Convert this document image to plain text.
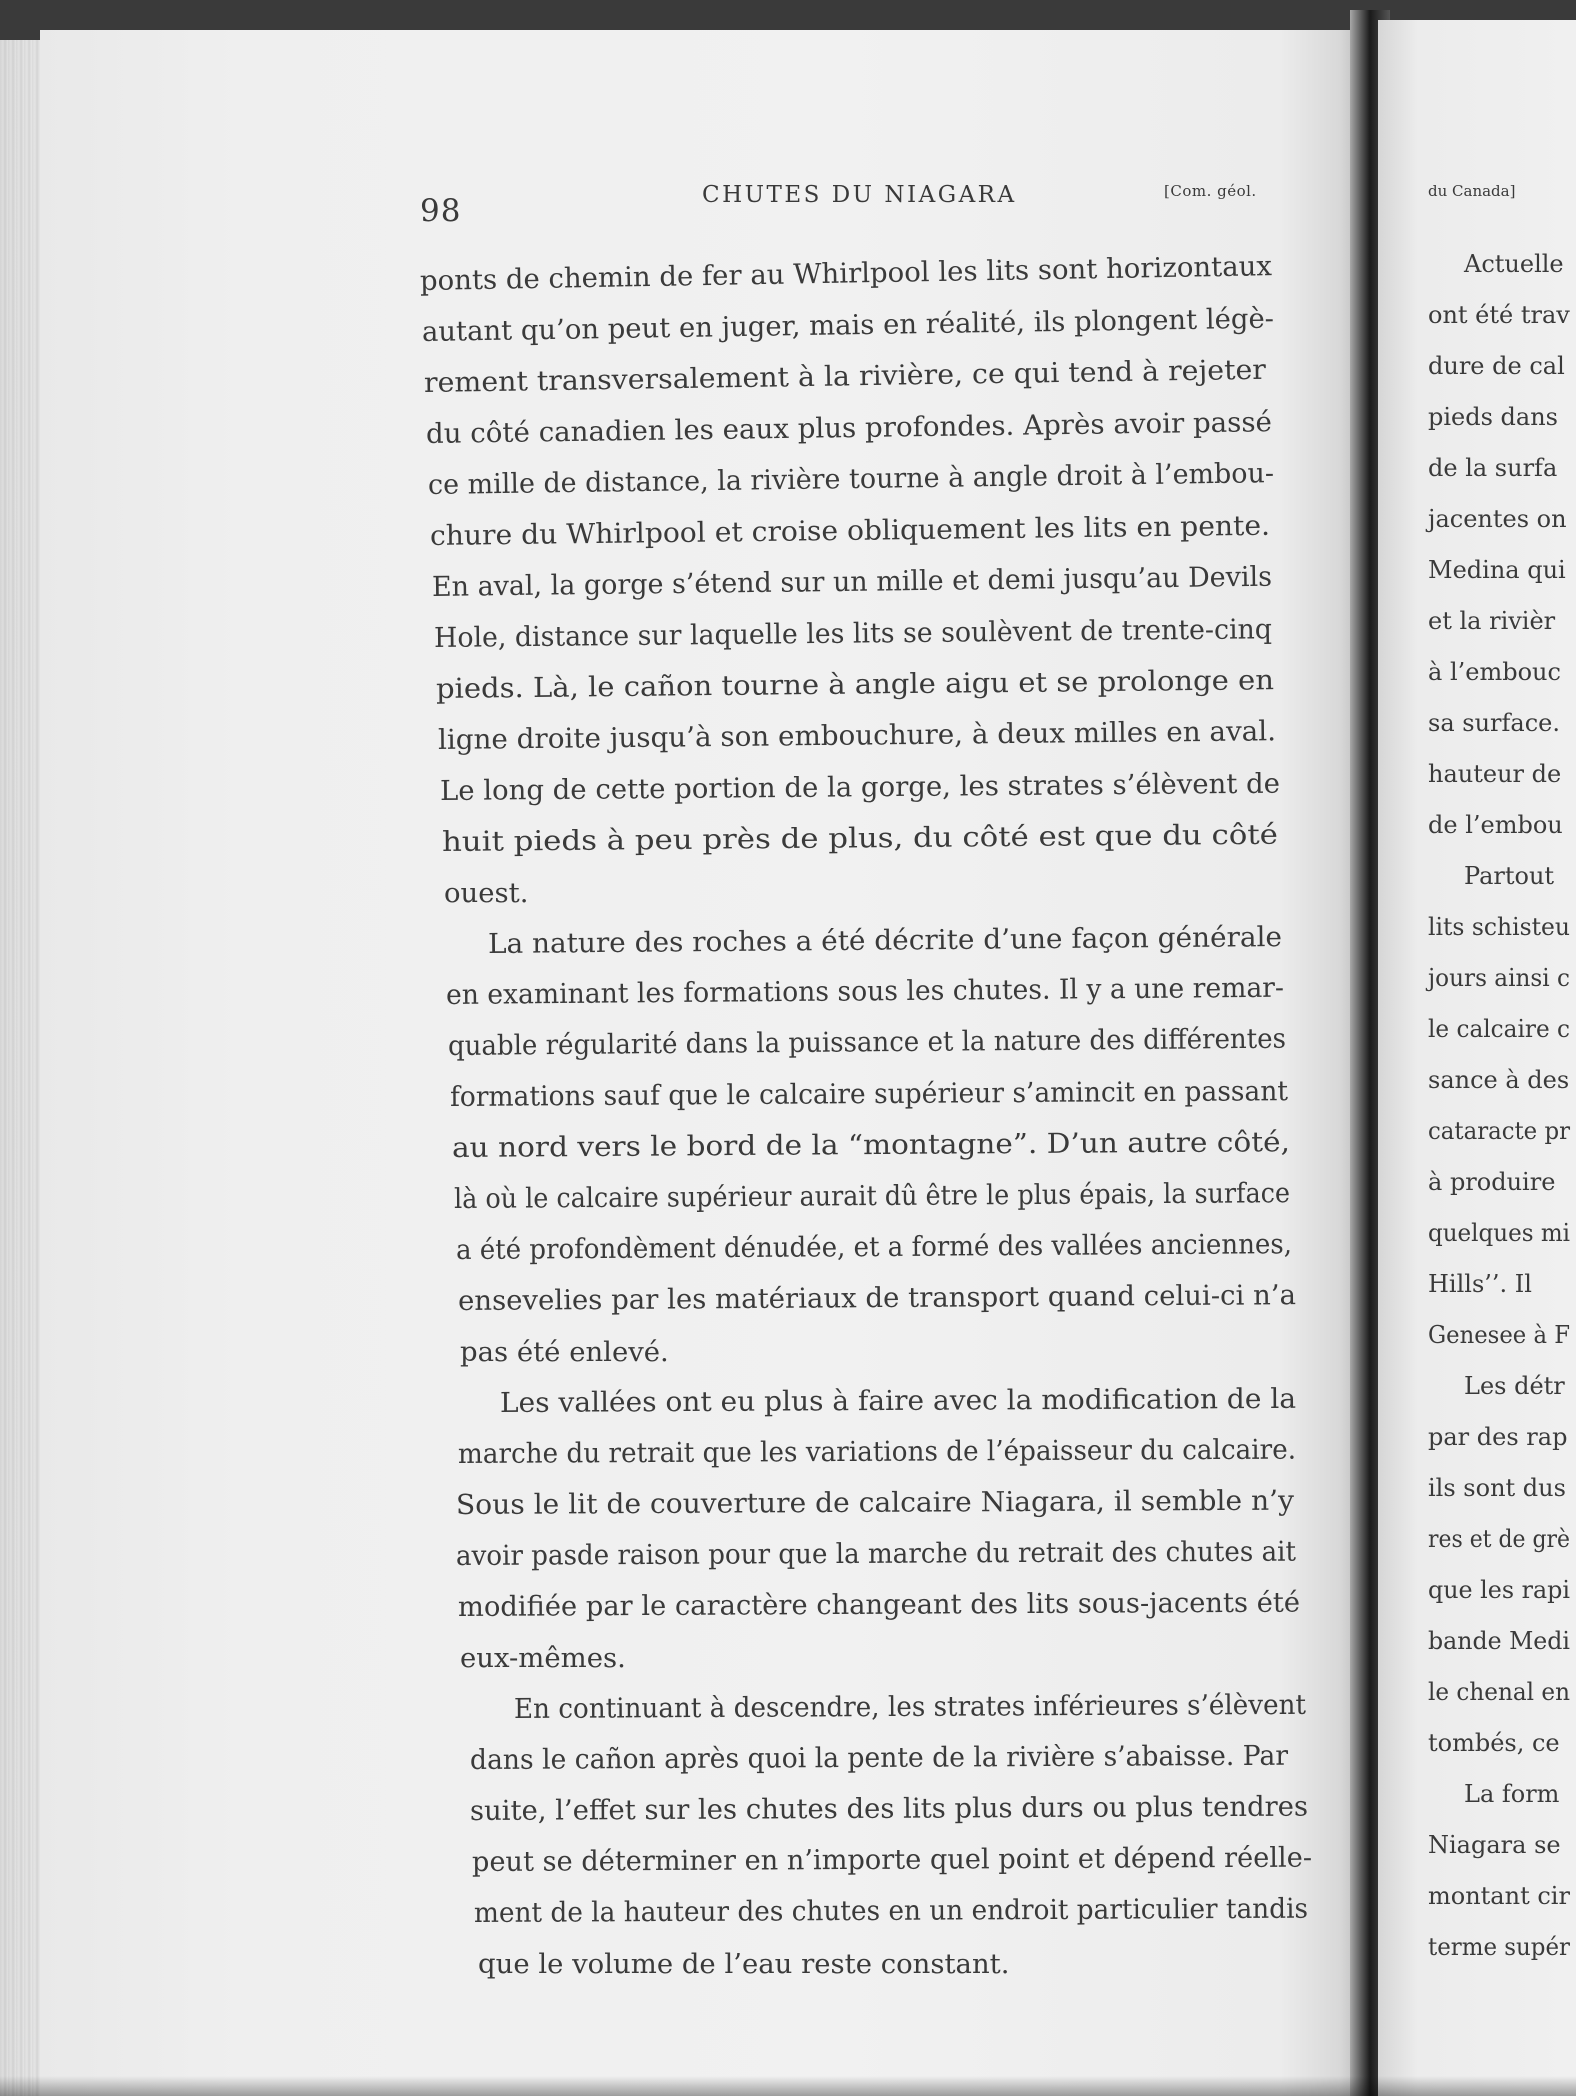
98	CHUTES DU NIAGARA	[Com. géol.
ponts de chemin de fer au Whirlpool les lits sont horizontaux
autant qu’on peut en juger, mais en réalité, ils plongent légè-
rement transversalement à la rivière, ce qui tend à rejeter
du côté canadien les eaux plus profondes. Après avoir passé
ce mille de distance, la rivière tourne à angle droit à l’embou-
chure du Whirlpool et croise obliquement les lits en pente.
En aval, la gorge s’étend sur un mille et demi jusqu’au Devils
Hole, distance sur laquelle les lits se soulèvent de trente-cinq
pieds. Là, le cañon tourne à angle aigu et se prolonge en
ligne droite jusqu’à son embouchure, à deux milles en aval.
Le long de cette portion de la gorge, les strates s’élèvent de
huit pieds à peu près de plus, du côté est que du côté
ouest.
La nature des roches a été décrite d’une façon générale
en examinant les formations sous les chutes. Il y a une remar-
quable régularité dans la puissance et la nature des différentes
formations sauf que le calcaire supérieur s’amincit en passant
au nord vers le bord de la “montagne”. D’un autre côté,
là où le calcaire supérieur aurait dû être le plus épais, la surface
a été profondèment dénudée, et a formé des vallées anciennes,
ensevelies par les matériaux de transport quand celui-ci n’a
pas été enlevé.
Les vallées ont eu plus à faire avec la modification de la
marche du retrait que les variations de l’épaisseur du calcaire.
Sous le lit de couverture de calcaire Niagara, il semble n’y
avoir pasde raison pour que la marche du retrait des chutes ait
modifiée par le caractère changeant des lits sous-jacents été
eux-mêmes.
En continuant à descendre, les strates inférieures s’élèvent
dans le cañon après quoi la pente de la rivière s’abaisse. Par
suite, l’effet sur les chutes des lits plus durs ou plus tendres
peut se déterminer en n’importe quel point et dépend réelle-
ment de la hauteur des chutes en un endroit particulier tandis
que le volume de l’eau reste constant.
du Canada]
Actuelle
ont été trav
dure de cal
pieds dans
de la surfa
jacentes on
Medina qui
et la rivièr
à l’embouc
sa surface.
hauteur de
de l’embou
Partout
lits schisteu
jours ainsi c
le calcaire c
sance à des
cataracte pr
à produire
quelques mi
Hills’’. Il
Genesee à F
Les détr
par des rap
ils sont dus
res et de grè
que les rapi
bande Medi
le chenal en
tombés, ce
La form
Niagara se
montant cir
terme supér
